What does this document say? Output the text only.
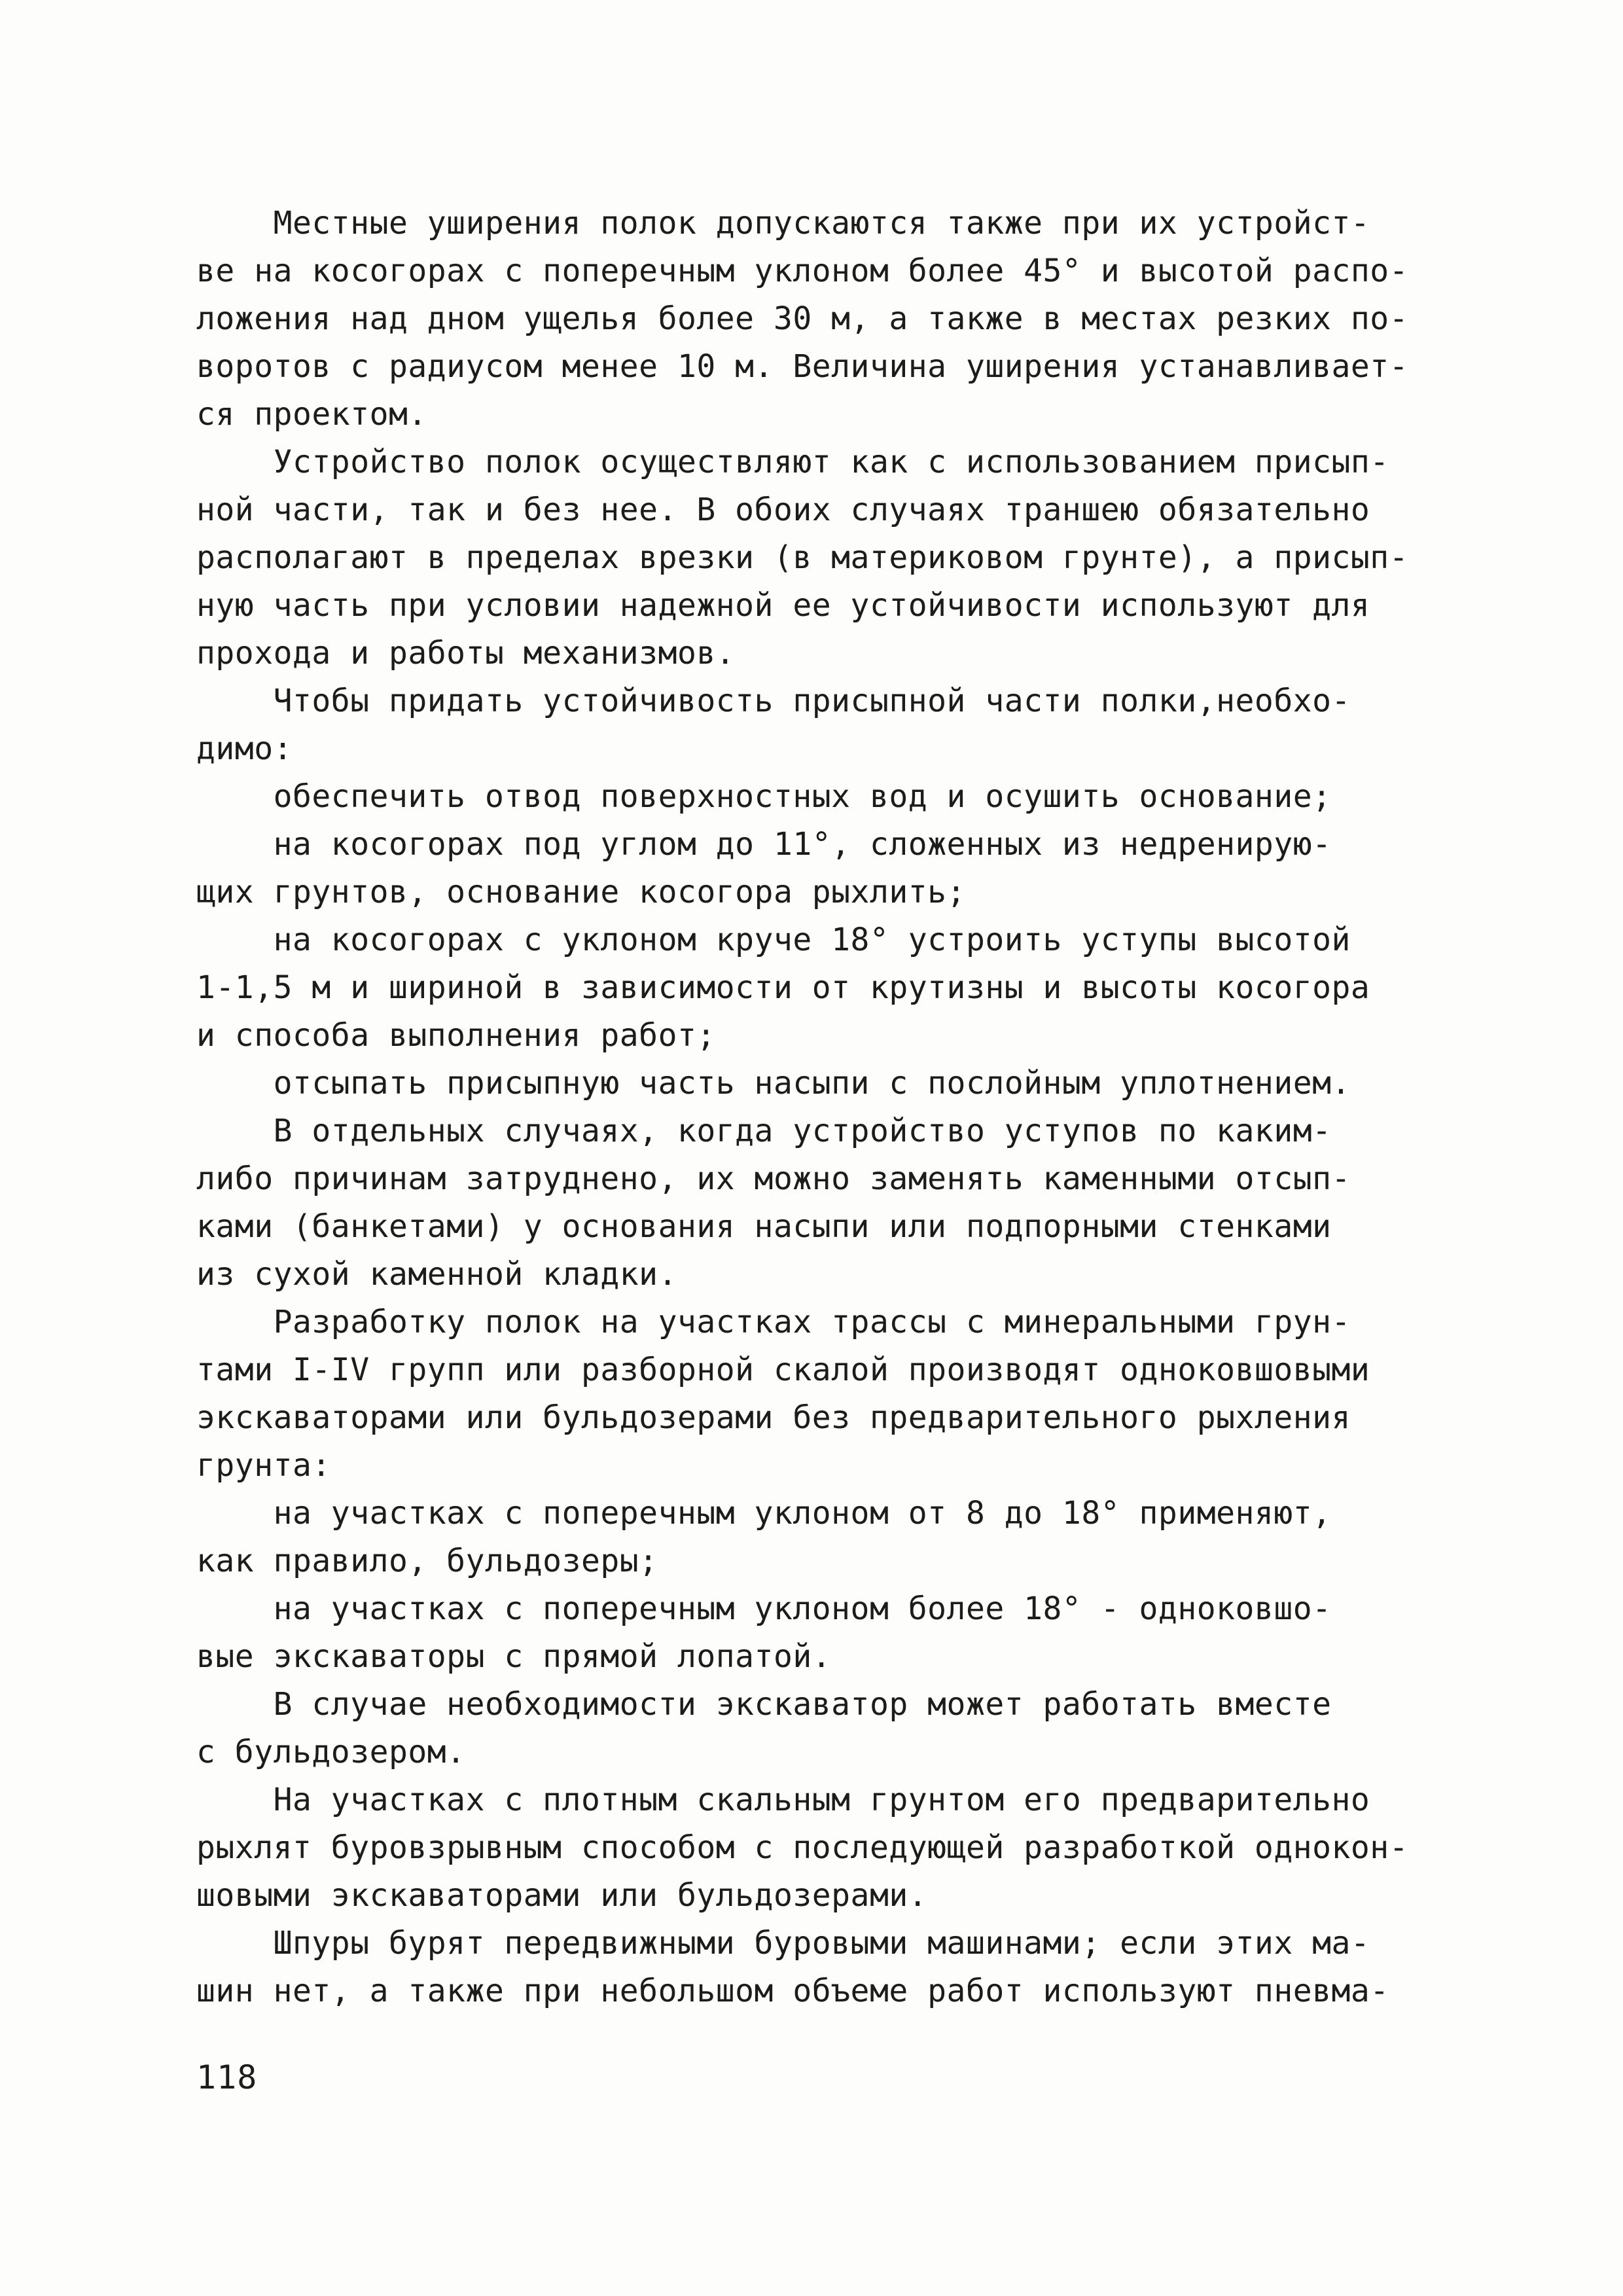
Местные уширения полок допускаются также при их устройст-
ве на косогорах с поперечным уклоном более 45° и высотой распо-
ложения над дном ущелья более 30 м, а также в местах резких по-
воротов с радиусом менее 10 м. Величина уширения устанавливает-
ся проектом.
Устройство полок осуществляют как с использованием присып-
ной части, так и без нее. В обоих случаях траншею обязательно
располагают в пределах врезки (в материковом грунте), а присып-
ную часть при условии надежной ее устойчивости используют для
прохода и работы механизмов.
Чтобы придать устойчивость присыпной части полки,необхо-
димо:
обеспечить отвод поверхностных вод и осушить основание;
на косогорах под углом до 11°, сложенных из недренирую-
щих грунтов, основание косогора рыхлить;
на косогорах с уклоном круче 18° устроить уступы высотой
1-1,5 м и шириной в зависимости от крутизны и высоты косогора
и способа выполнения работ;
отсыпать присыпную часть насыпи с послойным уплотнением.
В отдельных случаях, когда устройство уступов по каким-
либо причинам затруднено, их можно заменять каменными отсып-
ками (банкетами) у основания насыпи или подпорными стенками
из сухой каменной кладки.
Разработку полок на участках трассы с минеральными грун-
тами I-IV групп или разборной скалой производят одноковшовыми
экскаваторами или бульдозерами без предварительного рыхления
грунта:
на участках с поперечным уклоном от 8 до 18° применяют,
как правило, бульдозеры;
на участках с поперечным уклоном более 18° - одноковшо-
вые экскаваторы с прямой лопатой.
В случае необходимости экскаватор может работать вместе
с бульдозером.
На участках с плотным скальным грунтом его предварительно
рыхлят буровзрывным способом с последующей разработкой однокон-
шовыми экскаваторами или бульдозерами.
Шпуры бурят передвижными буровыми машинами; если этих ма-
шин нет, а также при небольшом объеме работ используют пневма-
118
